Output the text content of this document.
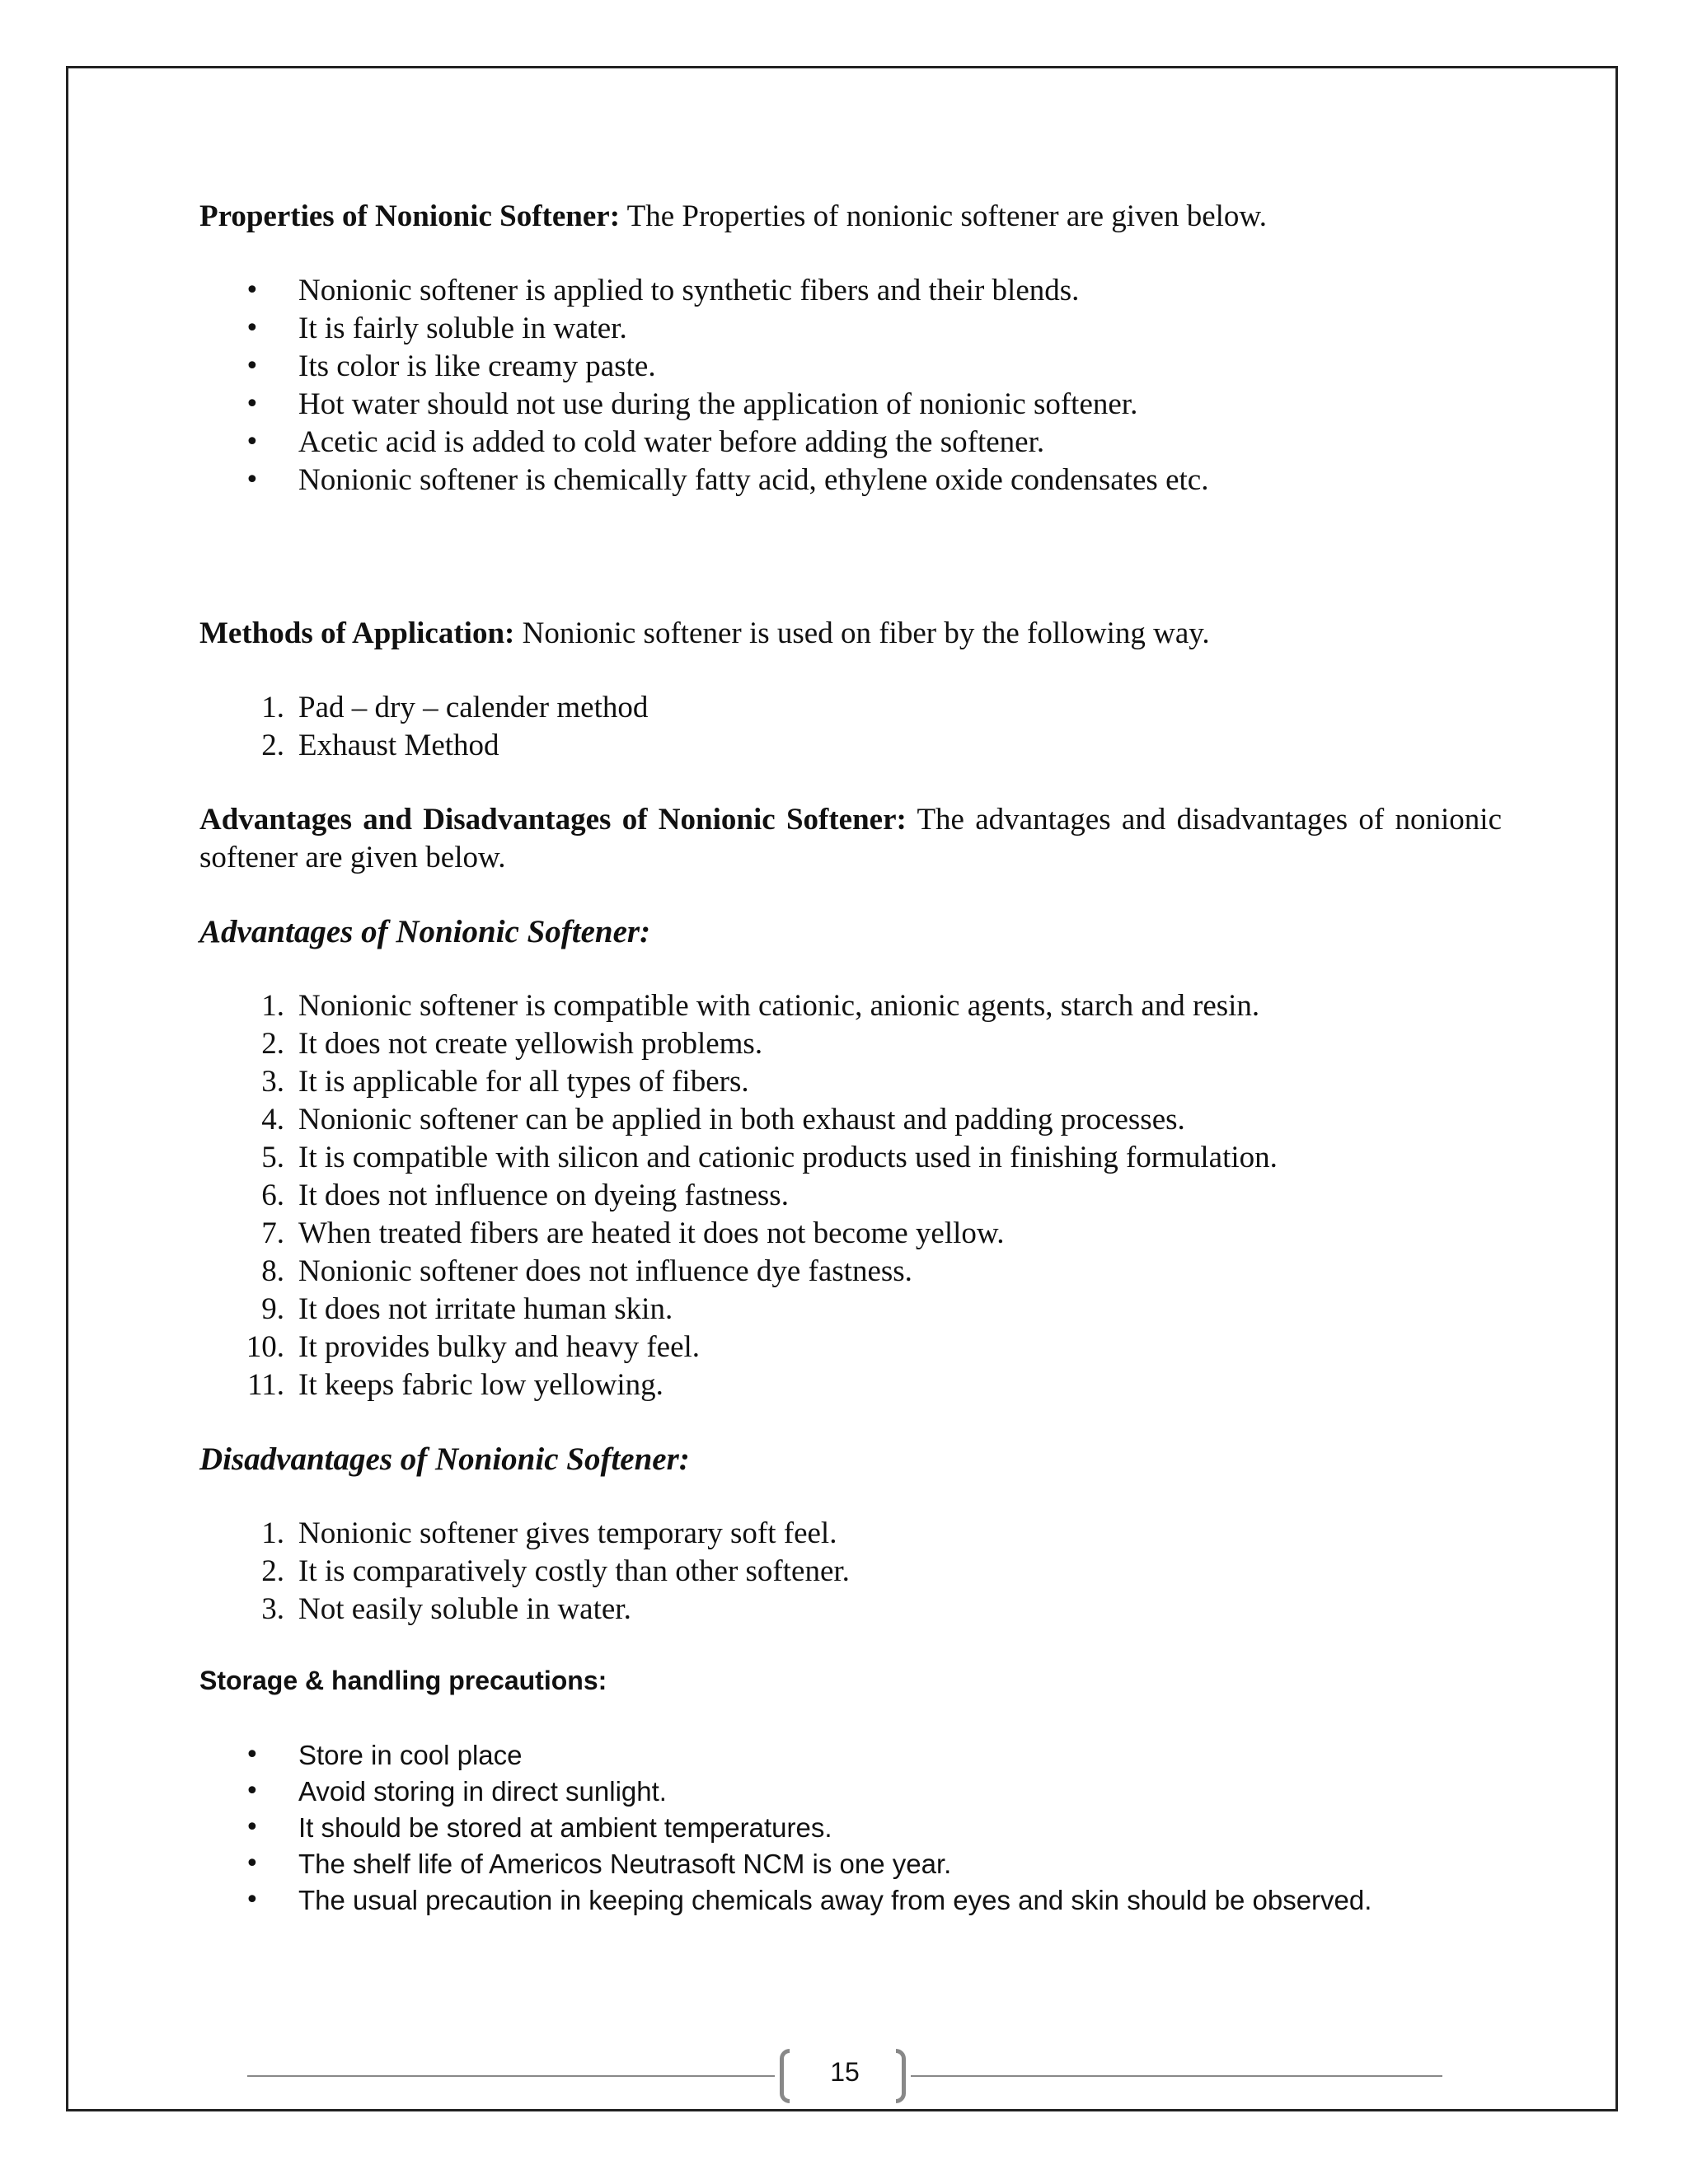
Properties of Nonionic Softener: The Properties of nonionic softener are given below.

• Nonionic softener is applied to synthetic fibers and their blends.
• It is fairly soluble in water.
• Its color is like creamy paste.
• Hot water should not use during the application of nonionic softener.
• Acetic acid is added to cold water before adding the softener.
• Nonionic softener is chemically fatty acid, ethylene oxide condensates etc.

Methods of Application: Nonionic softener is used on fiber by the following way.

1. Pad – dry – calender method
2. Exhaust Method

Advantages and Disadvantages of Nonionic Softener: The advantages and disadvantages of nonionic softener are given below.

Advantages of Nonionic Softener:

1. Nonionic softener is compatible with cationic, anionic agents, starch and resin.
2. It does not create yellowish problems.
3. It is applicable for all types of fibers.
4. Nonionic softener can be applied in both exhaust and padding processes.
5. It is compatible with silicon and cationic products used in finishing formulation.
6. It does not influence on dyeing fastness.
7. When treated fibers are heated it does not become yellow.
8. Nonionic softener does not influence dye fastness.
9. It does not irritate human skin.
10. It provides bulky and heavy feel.
11. It keeps fabric low yellowing.

Disadvantages of Nonionic Softener:

1. Nonionic softener gives temporary soft feel.
2. It is comparatively costly than other softener.
3. Not easily soluble in water.

Storage & handling precautions:

• Store in cool place
• Avoid storing in direct sunlight.
• It should be stored at ambient temperatures.
• The shelf life of Americos Neutrasoft NCM is one year.
• The usual precaution in keeping chemicals away from eyes and skin should be observed.
15
